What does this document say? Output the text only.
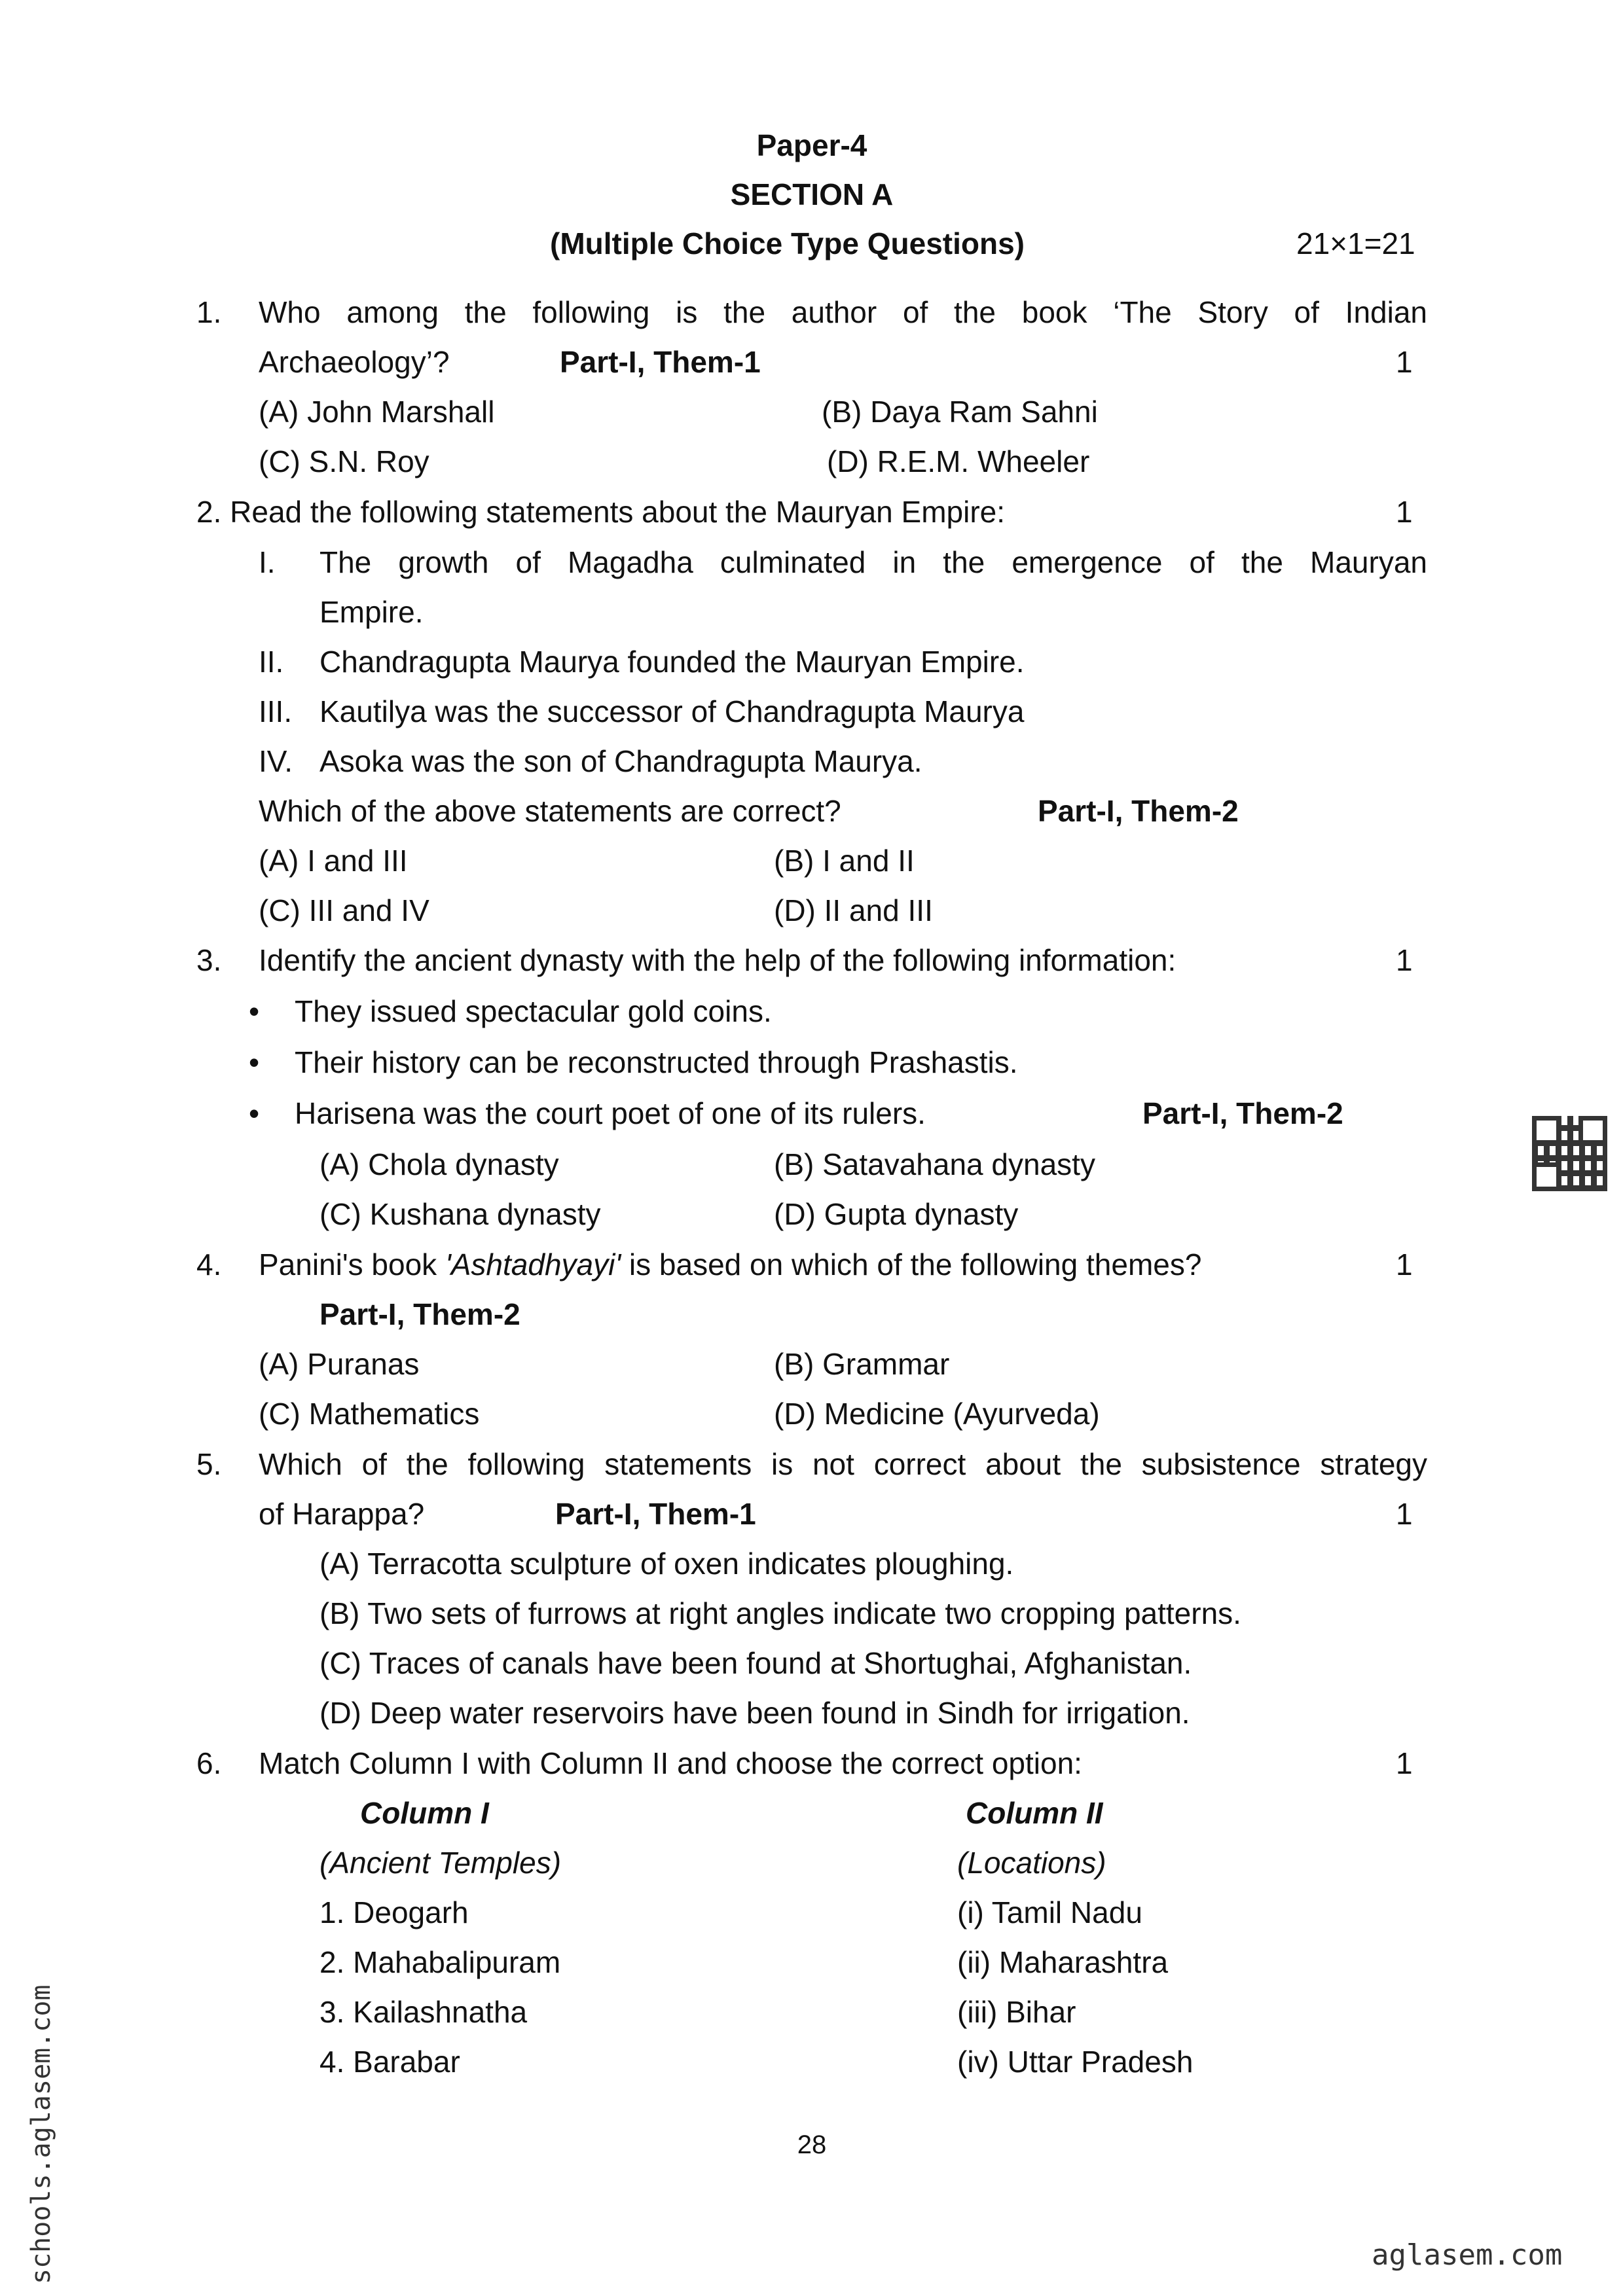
Paper-4
SECTION A
(Multiple Choice Type Questions)	21×1=21
1. Who among the following is the author of the book ‘The Story of Indian
Archaeology’?	Part-I, Them-1	1
(A) John Marshall	(B) Daya Ram Sahni
(C) S.N. Roy	(D) R.E.M. Wheeler
2. Read the following statements about the Mauryan Empire:	1
I. The growth of Magadha culminated in the emergence of the Mauryan
Empire.
II. Chandragupta Maurya founded the Mauryan Empire.
III. Kautilya was the successor of Chandragupta Maurya
IV. Asoka was the son of Chandragupta Maurya.
Which of the above statements are correct?	Part-I, Them-2
(A) I and III	(B) I and II
(C) III and IV	(D) II and III
3. Identify the ancient dynasty with the help of the following information:	1
• They issued spectacular gold coins.
• Their history can be reconstructed through Prashastis.
• Harisena was the court poet of one of its rulers.	Part-I, Them-2
(A) Chola dynasty	(B) Satavahana dynasty
(C) Kushana dynasty	(D) Gupta dynasty
4. Panini's book 'Ashtadhyayi' is based on which of the following themes?	1
Part-I, Them-2
(A) Puranas	(B) Grammar
(C) Mathematics	(D) Medicine (Ayurveda)
5. Which of the following statements is not correct about the subsistence strategy
of Harappa?	Part-I, Them-1	1
(A) Terracotta sculpture of oxen indicates ploughing.
(B) Two sets of furrows at right angles indicate two cropping patterns.
(C) Traces of canals have been found at Shortughai, Afghanistan.
(D) Deep water reservoirs have been found in Sindh for irrigation.
6. Match Column I with Column II and choose the correct option:	1
Column I	Column II
(Ancient Temples)	(Locations)
1. Deogarh	(i) Tamil Nadu
2. Mahabalipuram	(ii) Maharashtra
3. Kailashnatha	(iii) Bihar
4. Barabar	(iv) Uttar Pradesh
28
schools.aglasem.com	aglasem.com
